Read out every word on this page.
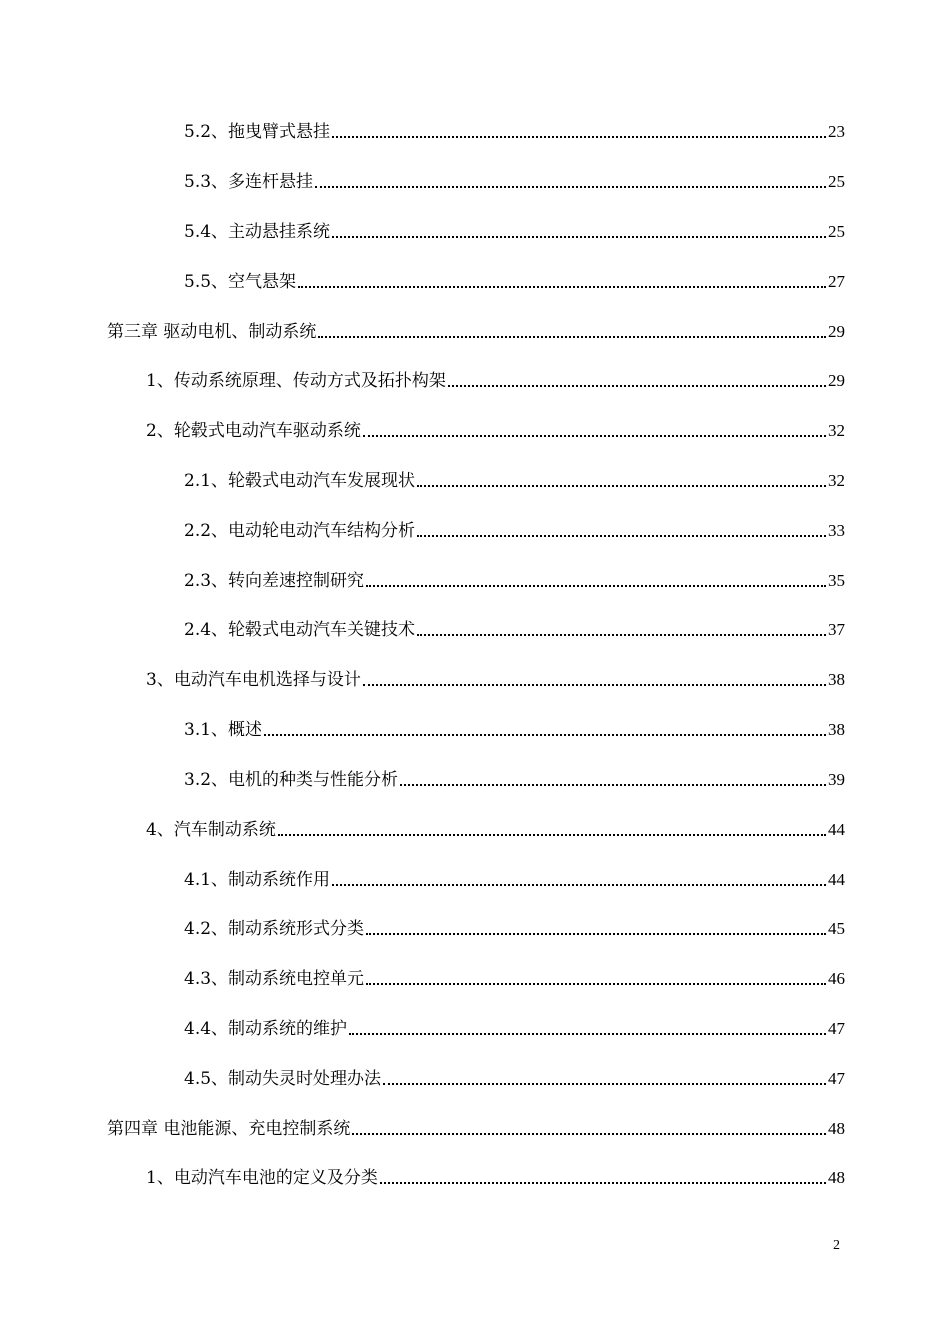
5.2、拖曳臂式悬挂	23
5.3、多连杆悬挂	25
5.4、主动悬挂系统	25
5.5、空气悬架	27
第三章 驱动电机、制动系统	29
1、传动系统原理、传动方式及拓扑构架	29
2、轮毂式电动汽车驱动系统	32
2.1、轮毂式电动汽车发展现状	32
2.2、电动轮电动汽车结构分析	33
2.3、转向差速控制研究	35
2.4、轮毂式电动汽车关键技术	37
3、电动汽车电机选择与设计	38
3.1、概述	38
3.2、电机的种类与性能分析	39
4、汽车制动系统	44
4.1、制动系统作用	44
4.2、制动系统形式分类	45
4.3、制动系统电控单元	46
4.4、制动系统的维护	47
4.5、制动失灵时处理办法	47
第四章 电池能源、充电控制系统	48
1、电动汽车电池的定义及分类	48
2
